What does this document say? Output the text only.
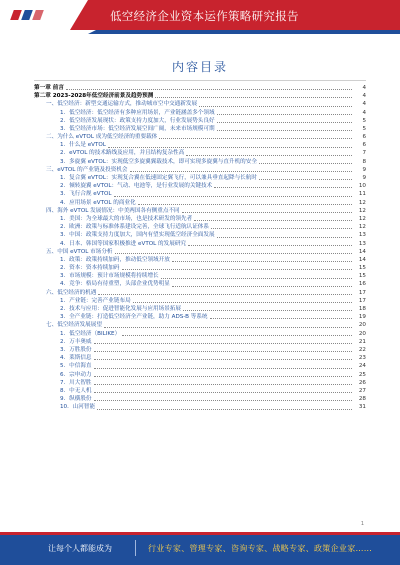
低空经济企业资本运作策略研究报告
内容目录
第一章 前言	4
第二章 2023-2028年低空经济前景及趋势预测	4
一、低空经济：新型交通运输方式，推动城市空中交通新发展	4
1．低空经济：低空经济有多种应用场景，产业链涵盖多个领域	4
2．低空经济发展现状：政策支持力度加大，行业发展势头良好	5
3．低空经济市场：低空经济发展空间广阔，未来市场规模可期	5
二、为什么 eVTOL 成为低空经济的重要载体	6
1．什么是 eVTOL	6
2．eVTOL 的技术路线及应用，并且结构复杂性高	7
3．多旋翼 eVTOL：实现低空多旋翼翼载技术，即可实现多旋翼与直升机的安全	8
三、eVTOL 的产业链及投资机会	9
1．复合翼 eVTOL：实现复合翼在低速固定翼飞行，可以兼具垂直起降与长航时	9
2．倾转旋翼 eVTOL：气动、电池等，是行业发展的关键技术	10
3．飞行合规 eVTOL	11
4．应用场景 eVTOL 的商业化	12
四、海外 eVTOL 发展情况：中美两国各有侧重点不同	12
1．美国：为全球最大的市场，也是技术研发的领先者	12
2．欧洲：政策与标准体系建设完善，全球飞行适航认证体系	12
3．中国：政策支持力度加大，国内有望实现低空经济全面发展	13
4．日本、韩国等国家积极推进 eVTOL 的发展研究	13
五、中国 eVTOL 市场分析	14
1．政策：政策持续加码，推动低空领域开放	14
2．资本：资本持续加码	15
3．市场规模：预计市场规模将持续增长	15
4．竞争：格局有待重塑，头部企业优势明显	16
六、低空经济的机遇	17
1．产业链：完善产业链布局	17
2．技术与应用：促进智能化发展与应用场景拓展	18
3．全产业链：打造低空经济全产业链，助力 ADS-B 等系统	19
七、低空经济发展展望	20
1．低空经济（BILIKE）	20
2．万丰奥威	21
3．万胜股份	22
4．莱斯信息	23
5．中信海直	24
6．宗申动力	25
7．川大智胜	26
8．中无人机	27
9．纵横股份	28
10．山河智能	31
1
让每个人都能成为	行业专家、管理专家、咨询专家、战略专家、政策企业家……
